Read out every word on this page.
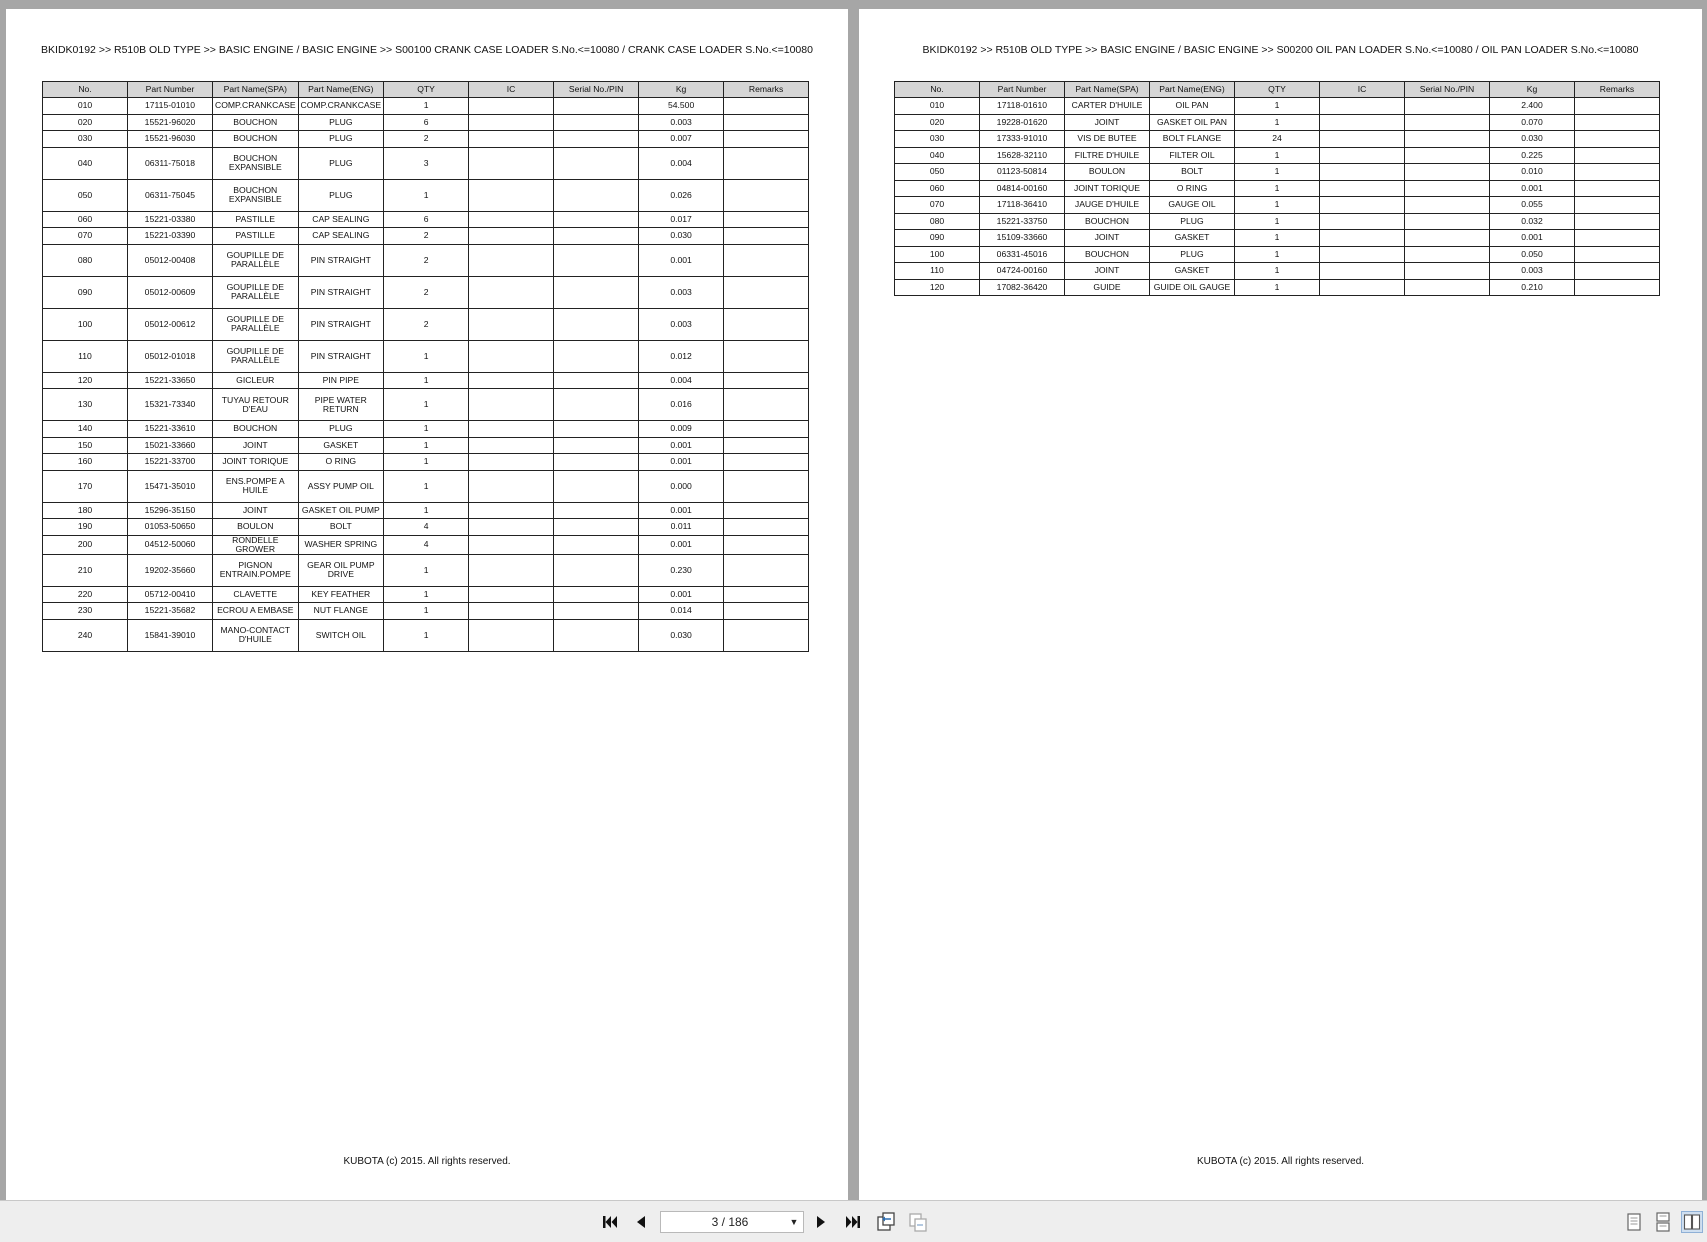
BKIDK0192 >> R510B OLD TYPE >> BASIC ENGINE / BASIC ENGINE >> S00100 CRANK CASE LOADER S.No.<=10080 / CRANK CASE LOADER S.No.<=10080
No.	Part Number	Part Name(SPA)	Part Name(ENG)	QTY	IC	Serial No./PIN	Kg	Remarks
010	17115-01010	COMP.CRANKCASE	COMP.CRANKCASE	1			54.500	
020	15521-96020	BOUCHON	PLUG	6			0.003	
030	15521-96030	BOUCHON	PLUG	2			0.007	
040	06311-75018	BOUCHON EXPANSIBLE	PLUG	3			0.004	
050	06311-75045	BOUCHON EXPANSIBLE	PLUG	1			0.026	
060	15221-03380	PASTILLE	CAP SEALING	6			0.017	
070	15221-03390	PASTILLE	CAP SEALING	2			0.030	
080	05012-00408	GOUPILLE DE PARALLÈLE	PIN STRAIGHT	2			0.001	
090	05012-00609	GOUPILLE DE PARALLÈLE	PIN STRAIGHT	2			0.003	
100	05012-00612	GOUPILLE DE PARALLÈLE	PIN STRAIGHT	2			0.003	
110	05012-01018	GOUPILLE DE PARALLÈLE	PIN STRAIGHT	1			0.012	
120	15221-33650	GICLEUR	PIN PIPE	1			0.004	
130	15321-73340	TUYAU RETOUR D'EAU	PIPE WATER RETURN	1			0.016	
140	15221-33610	BOUCHON	PLUG	1			0.009	
150	15021-33660	JOINT	GASKET	1			0.001	
160	15221-33700	JOINT TORIQUE	O RING	1			0.001	
170	15471-35010	ENS.POMPE A HUILE	ASSY PUMP OIL	1			0.000	
180	15296-35150	JOINT	GASKET OIL PUMP	1			0.001	
190	01053-50650	BOULON	BOLT	4			0.011	
200	04512-50060	RONDELLE GROWER	WASHER SPRING	4			0.001	
210	19202-35660	PIGNON ENTRAIN.POMPE	GEAR OIL PUMP DRIVE	1			0.230	
220	05712-00410	CLAVETTE	KEY FEATHER	1			0.001	
230	15221-35682	ECROU A EMBASE	NUT FLANGE	1			0.014	
240	15841-39010	MANO-CONTACT D'HUILE	SWITCH OIL	1			0.030	
KUBOTA (c) 2015. All rights reserved.
BKIDK0192 >> R510B OLD TYPE >> BASIC ENGINE / BASIC ENGINE >> S00200 OIL PAN LOADER S.No.<=10080 / OIL PAN LOADER S.No.<=10080
No.	Part Number	Part Name(SPA)	Part Name(ENG)	QTY	IC	Serial No./PIN	Kg	Remarks
010	17118-01610	CARTER D'HUILE	OIL PAN	1			2.400	
020	19228-01620	JOINT	GASKET OIL PAN	1			0.070	
030	17333-91010	VIS DE BUTEE	BOLT FLANGE	24			0.030	
040	15628-32110	FILTRE D'HUILE	FILTER OIL	1			0.225	
050	01123-50814	BOULON	BOLT	1			0.010	
060	04814-00160	JOINT TORIQUE	O RING	1			0.001	
070	17118-36410	JAUGE D'HUILE	GAUGE OIL	1			0.055	
080	15221-33750	BOUCHON	PLUG	1			0.032	
090	15109-33660	JOINT	GASKET	1			0.001	
100	06331-45016	BOUCHON	PLUG	1			0.050	
110	04724-00160	JOINT	GASKET	1			0.003	
120	17082-36420	GUIDE	GUIDE OIL GAUGE	1			0.210	
KUBOTA (c) 2015. All rights reserved.
3 / 186	▼
